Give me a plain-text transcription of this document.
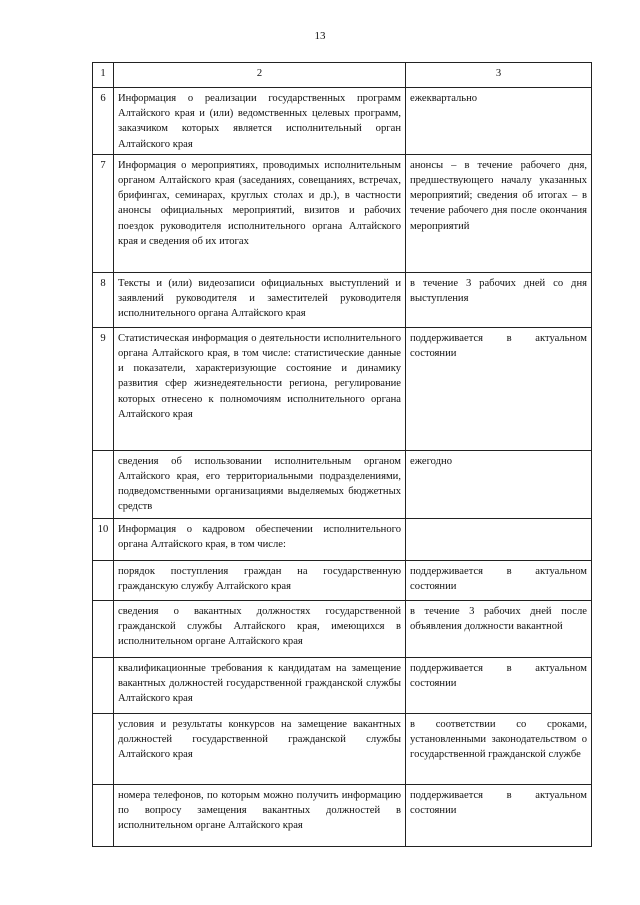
13
1	2	3
6	Информация о реализации государственных программ Алтайского края и (или) ведомственных целевых программ, заказчиком которых является исполнительный орган Алтайского края	ежеквартально
7	Информация о мероприятиях, проводимых исполнительным органом Алтайского края (заседаниях, совещаниях, встречах, брифингах, семинарах, круглых столах и др.), в частности анонсы официальных мероприятий, визитов и рабочих поездок руководителя исполнительного органа Алтайского края и сведения об их итогах	анонсы – в течение рабочего дня, предшествующего началу указанных мероприятий; сведения об итогах – в течение рабочего дня после окончания мероприятий
8	Тексты и (или) видеозаписи официальных выступлений и заявлений руководителя и заместителей руководителя исполнительного органа Алтайского края	в течение 3 рабочих дней со дня выступления
9	Статистическая информация о деятельности исполнительного органа Алтайского края, в том числе: статистические данные и показатели, характеризующие состояние и динамику развития сфер жизнедеятельности региона, регулирование которых отнесено к полномочиям исполнительного органа Алтайского края	поддерживается в актуальном состоянии
	сведения об использовании исполнительным органом Алтайского края, его территориальными подразделениями, подведомственными организациями выделяемых бюджетных средств	ежегодно
10	Информация о кадровом обеспечении исполнительного органа Алтайского края, в том числе:	
	порядок поступления граждан на государственную гражданскую службу Алтайского края	поддерживается в актуальном состоянии
	сведения о вакантных должностях государственной гражданской службы Алтайского края, имеющихся в исполнительном органе Алтайского края	в течение 3 рабочих дней после объявления должности вакантной
	квалификационные требования к кандидатам на замещение вакантных должностей государственной гражданской службы Алтайского края	поддерживается в актуальном состоянии
	условия и результаты конкурсов на замещение вакантных должностей государственной гражданской службы Алтайского края	в соответствии со сроками, установленными законодательством о государственной гражданской службе
	номера телефонов, по которым можно получить информацию по вопросу замещения вакантных должностей в исполнительном органе Алтайского края	поддерживается в актуальном состоянии
